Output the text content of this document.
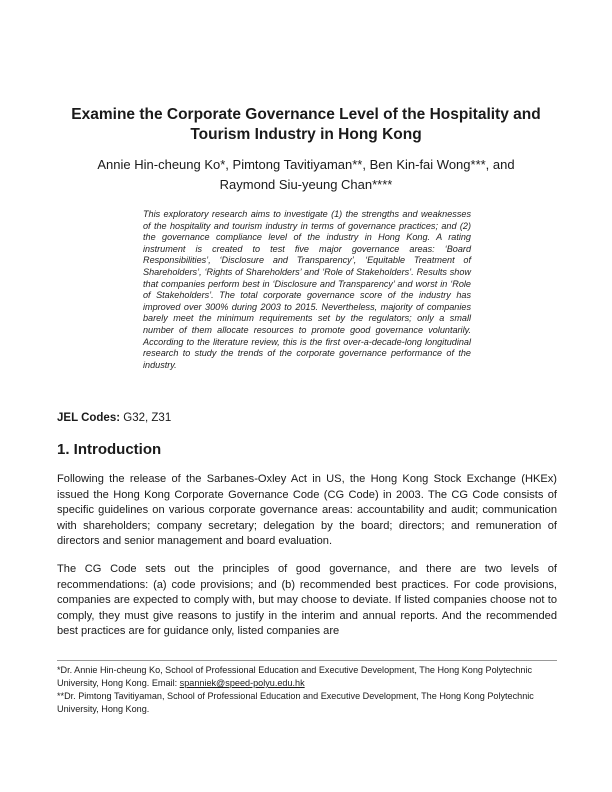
Examine the Corporate Governance Level of the Hospitality and
Tourism Industry in Hong Kong
Annie Hin-cheung Ko*, Pimtong Tavitiyaman**, Ben Kin-fai Wong***, and
Raymond Siu-yeung Chan****
This exploratory research aims to investigate (1) the strengths and weaknesses of the hospitality and tourism industry in terms of governance practices; and (2) the governance compliance level of the industry in Hong Kong. A rating instrument is created to test five major governance areas: ‘Board Responsibilities’, ‘Disclosure and Transparency’, ‘Equitable Treatment of Shareholders’, ‘Rights of Shareholders’ and ‘Role of Stakeholders’. Results show that companies perform best in ‘Disclosure and Transparency’ and worst in ‘Role of Stakeholders’. The total corporate governance score of the industry has improved over 300% during 2003 to 2015. Nevertheless, majority of companies barely meet the minimum requirements set by the regulators; only a small number of them allocate resources to promote good governance voluntarily. According to the literature review, this is the first over-a-decade-long longitudinal research to study the trends of the corporate governance performance of the industry.
JEL Codes: G32, Z31
1. Introduction
Following the release of the Sarbanes-Oxley Act in US, the Hong Kong Stock Exchange (HKEx) issued the Hong Kong Corporate Governance Code (CG Code) in 2003. The CG Code consists of specific guidelines on various corporate governance areas: accountability and audit; communication with shareholders; company secretary; delegation by the board; directors; and remuneration of directors and senior management and board evaluation.
The CG Code sets out the principles of good governance, and there are two levels of recommendations: (a) code provisions; and (b) recommended best practices. For code provisions, companies are expected to comply with, but may choose to deviate. If listed companies choose not to comply, they must give reasons to justify in the interim and annual reports. And the recommended best practices are for guidance only, listed companies are

*Dr. Annie Hin-cheung Ko, School of Professional Education and Executive Development, The Hong Kong Polytechnic University, Hong Kong. Email: spanniek@speed-polyu.edu.hk

**Dr. Pimtong Tavitiyaman, School of Professional Education and Executive Development, The Hong Kong Polytechnic University, Hong Kong.
